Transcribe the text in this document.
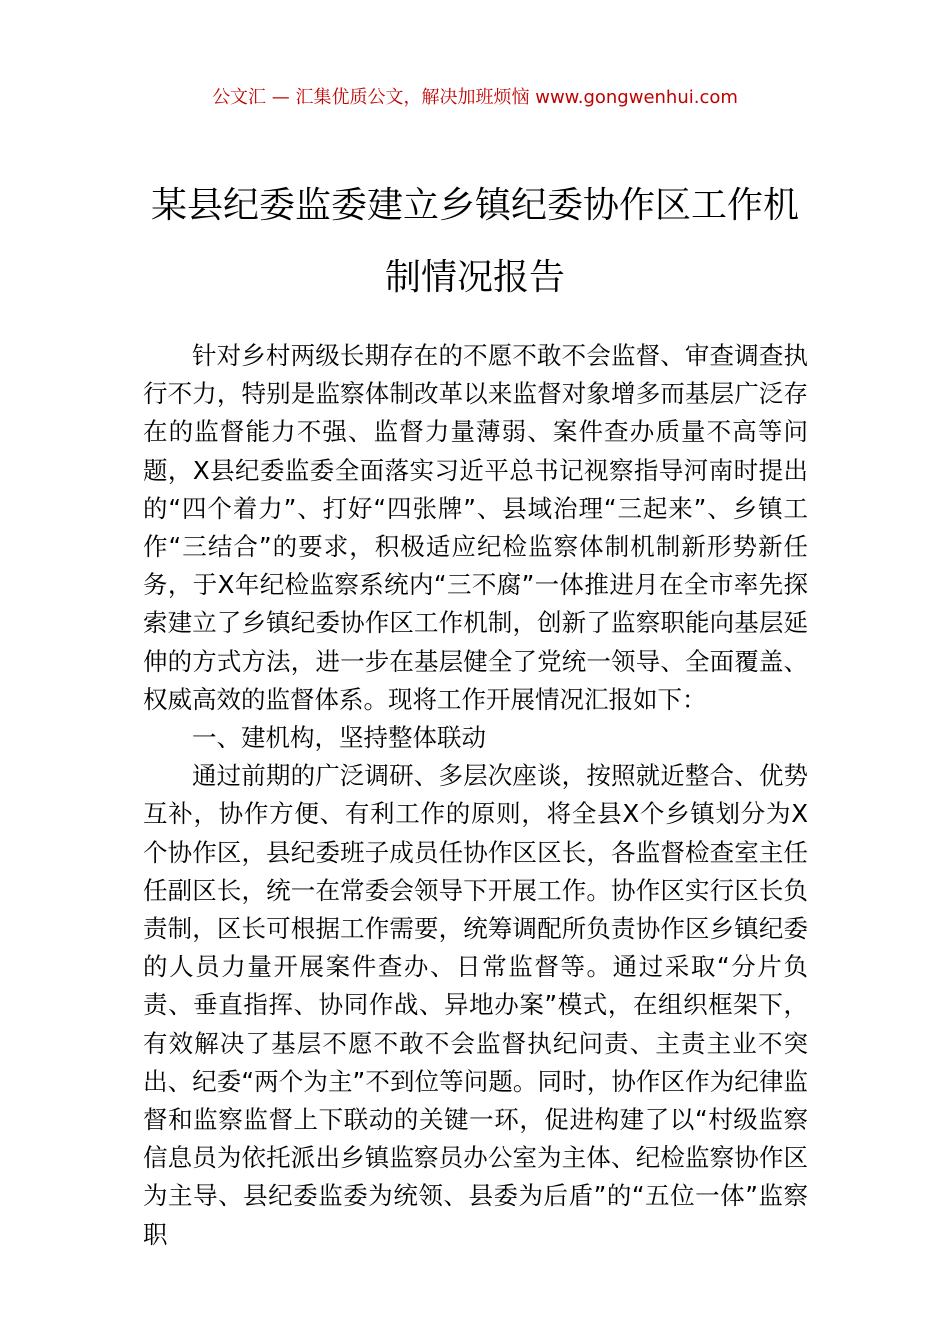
公文汇 — 汇集优质公文，解决加班烦恼 www.gongwenhui.com
某县纪委监委建立乡镇纪委协作区工作机制情况报告

针对乡村两级长期存在的不愿不敢不会监督、审查调查执行不力，特别是监察体制改革以来监督对象增多而基层广泛存在的监督能力不强、监督力量薄弱、案件查办质量不高等问题，X县纪委监委全面落实习近平总书记视察指导河南时提出的“四个着力”、打好“四张牌”、县域治理“三起来”、乡镇工作“三结合”的要求，积极适应纪检监察体制机制新形势新任务，于X年纪检监察系统内“三不腐”一体推进月在全市率先探索建立了乡镇纪委协作区工作机制，创新了监察职能向基层延伸的方式方法，进一步在基层健全了党统一领导、全面覆盖、权威高效的监督体系。现将工作开展情况汇报如下：

一、建机构，坚持整体联动

通过前期的广泛调研、多层次座谈，按照就近整合、优势互补，协作方便、有利工作的原则，将全县X个乡镇划分为X个协作区，县纪委班子成员任协作区区长，各监督检查室主任任副区长，统一在常委会领导下开展工作。协作区实行区长负责制，区长可根据工作需要，统筹调配所负责协作区乡镇纪委的人员力量开展案件查办、日常监督等。通过采取“分片负责、垂直指挥、协同作战、异地办案”模式，在组织框架下，有效解决了基层不愿不敢不会监督执纪问责、主责主业不突出、纪委“两个为主”不到位等问题。同时，协作区作为纪律监督和监察监督上下联动的关键一环，促进构建了以“村级监察信息员为依托派出乡镇监察员办公室为主体、纪检监察协作区为主导、县纪委监委为统领、县委为后盾”的“五位一体”监察职
